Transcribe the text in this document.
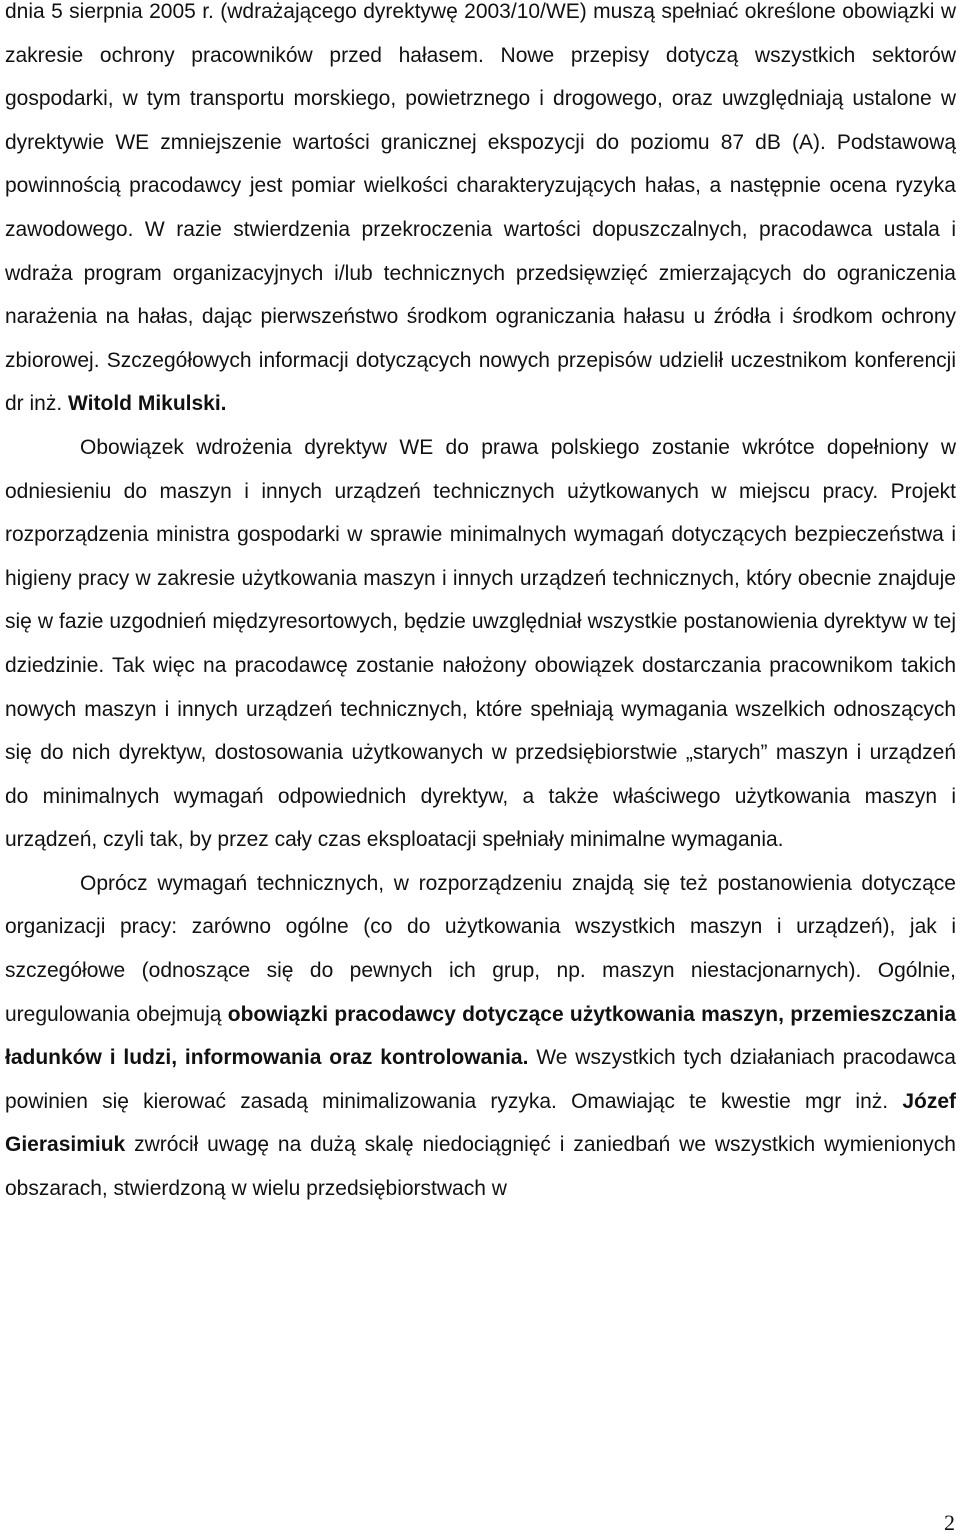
dnia 5 sierpnia 2005 r. (wdrażającego dyrektywę 2003/10/WE) muszą spełniać określone obowiązki w zakresie ochrony pracowników przed hałasem. Nowe przepisy dotyczą wszystkich sektorów gospodarki, w tym transportu morskiego, powietrznego i drogowego, oraz uwzględniają ustalone w dyrektywie WE zmniejszenie wartości granicznej ekspozycji do poziomu 87 dB (A). Podstawową powinnością pracodawcy jest pomiar wielkości charakteryzujących hałas, a następnie ocena ryzyka zawodowego. W razie stwierdzenia przekroczenia wartości dopuszczalnych, pracodawca ustala i wdraża program organizacyjnych i/lub technicznych przedsięwzięć zmierzających do ograniczenia narażenia na hałas, dając pierwszeństwo środkom ograniczania hałasu u źródła i środkom ochrony zbiorowej. Szczegółowych informacji dotyczących nowych przepisów udzielił uczestnikom konferencji dr inż. Witold Mikulski.

Obowiązek wdrożenia dyrektyw WE do prawa polskiego zostanie wkrótce dopełniony w odniesieniu do maszyn i innych urządzeń technicznych użytkowanych w miejscu pracy. Projekt rozporządzenia ministra gospodarki w sprawie minimalnych wymagań dotyczących bezpieczeństwa i higieny pracy w zakresie użytkowania maszyn i innych urządzeń technicznych, który obecnie znajduje się w fazie uzgodnień międzyresortowych, będzie uwzględniał wszystkie postanowienia dyrektyw w tej dziedzinie. Tak więc na pracodawcę zostanie nałożony obowiązek dostarczania pracownikom takich nowych maszyn i innych urządzeń technicznych, które spełniają wymagania wszelkich odnoszących się do nich dyrektyw, dostosowania użytkowanych w przedsiębiorstwie „starych” maszyn i urządzeń do minimalnych wymagań odpowiednich dyrektyw, a także właściwego użytkowania maszyn i urządzeń, czyli tak, by przez cały czas eksploatacji spełniały minimalne wymagania.

Oprócz wymagań technicznych, w rozporządzeniu znajdą się też postanowienia dotyczące organizacji pracy: zarówno ogólne (co do użytkowania wszystkich maszyn i urządzeń), jak i szczegółowe (odnoszące się do pewnych ich grup, np. maszyn niestacjonarnych). Ogólnie, uregulowania obejmują obowiązki pracodawcy dotyczące użytkowania maszyn, przemieszczania ładunków i ludzi, informowania oraz kontrolowania. We wszystkich tych działaniach pracodawca powinien się kierować zasadą minimalizowania ryzyka. Omawiając te kwestie mgr inż. Józef Gierasimiuk zwrócił uwagę na dużą skalę niedociągnięć i zaniedbań we wszystkich wymienionych obszarach, stwierdzoną w wielu przedsiębiorstwach w

2
